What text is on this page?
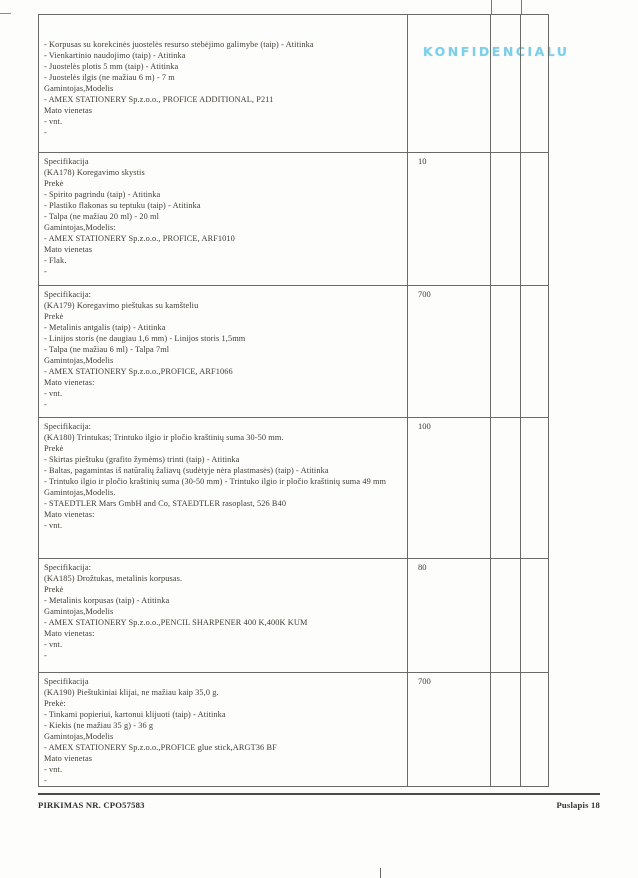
KONFIDENCIALU
- Korpusas su korekcinės juostelės resurso stebėjimo galimybe (taip) - Atitinka
- Vienkartinio naudojimo (taip) - Atitinka
- Juostelės plotis 5 mm (taip) - Atitinka
- Juostelės ilgis (ne mažiau 6 m) - 7 m
Gamintojas,Modelis
- AMEX STATIONERY Sp.z.o.o., PROFICE ADDITIONAL, P211
Mato vienetas
- vnt.
-
Specifikacija
(KA178) Koregavimo skystis
Prekė
- Spirito pagrindu (taip) - Atitinka
- Plastiko flakonas su teptuku (taip) - Atitinka
- Talpa (ne mažiau 20 ml) - 20 ml
Gamintojas,Modelis:
- AMEX STATIONERY Sp.z.o.o., PROFICE, ARF1010
Mato vienetas
- Flak.
-
10
Specifikacija:
(KA179) Koregavimo pieštukas su kamšteliu
Prekė
- Metalinis antgalis (taip) - Atitinka
- Linijos storis (ne daugiau 1,6 mm) - Linijos storis 1,5mm
- Talpa (ne mažiau 6 ml) - Talpa 7ml
Gamintojas,Modelis
- AMEX STATIONERY Sp.z.o.o.,PROFICE, ARF1066
Mato vienetas:
- vnt.
-
700
Specifikacija:
(KA180) Trintukas; Trintuko ilgio ir pločio kraštinių suma 30-50 mm.
Prekė
- Skirtas pieštuku (grafito žymėms) trinti (taip) - Atitinka
- Baltas, pagamintas iš natūralių žaliavų (sudėtyje nėra plastmasės) (taip) - Atitinka
- Trintuko ilgio ir pločio kraštinių suma (30-50 mm) - Trintuko ilgio ir pločio kraštinių suma 49 mm
Gamintojas,Modelis.
- STAEDTLER Mars GmbH and Co, STAEDTLER rasoplast, 526 B40
Mato vienetas:
- vnt.
100
Specifikacija:
(KA185) Drožtukas, metalinis korpusas.
Prekė
- Metalinis korpusas (taip) - Atitinka
Gamintojas,Modelis
- AMEX STATIONERY Sp.z.o.o.,PENCIL SHARPENER 400 K,400K KUM
Mato vienetas:
- vnt.
-
80
Specifikacija
(KA190) Pieštukiniai klijai, ne mažiau kaip 35,0 g.
Prekė:
- Tinkami popieriui, kartonui klijuoti (taip) - Atitinka
- Kiekis (ne mažiau 35 g) - 36 g
Gamintojas,Modelis
- AMEX STATIONERY Sp.z.o.o.,PROFICE glue stick,ARGT36 BF
Mato vienetas
- vnt.
-
700
PIRKIMAS NR. CPO57583	Puslapis 18
